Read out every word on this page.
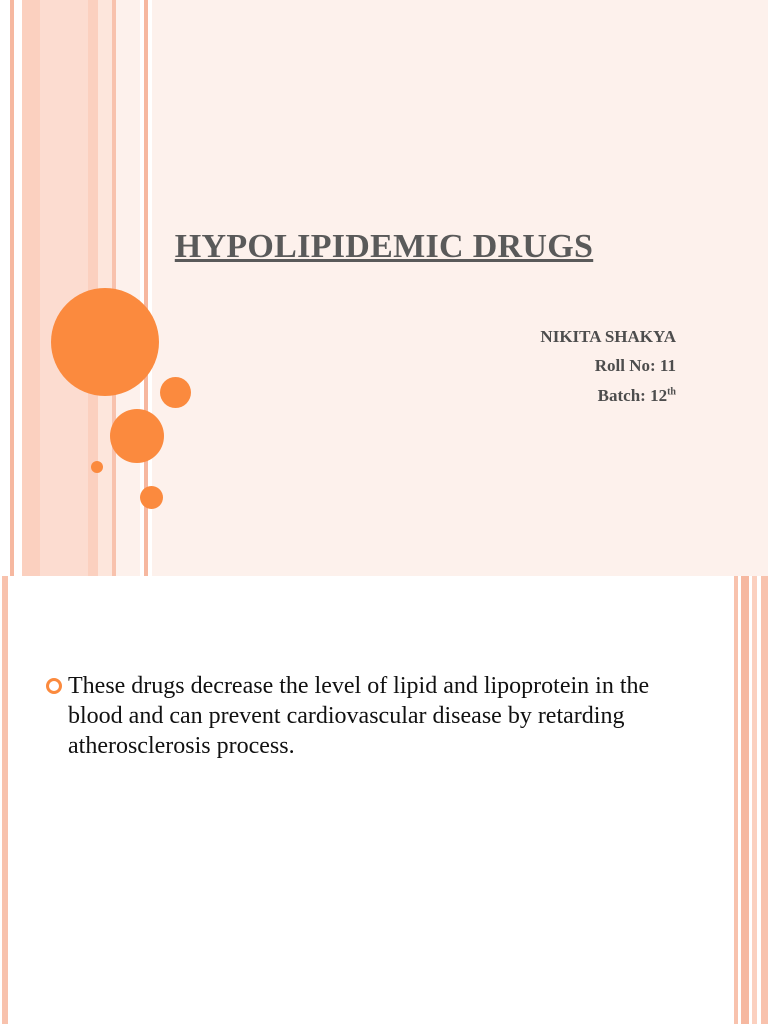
HYPOLIPIDEMIC DRUGS
NIKITA SHAKYA
Roll No: 11
Batch: 12th
These drugs decrease the level of lipid and lipoprotein in the blood and can prevent cardiovascular disease by retarding atherosclerosis process.
